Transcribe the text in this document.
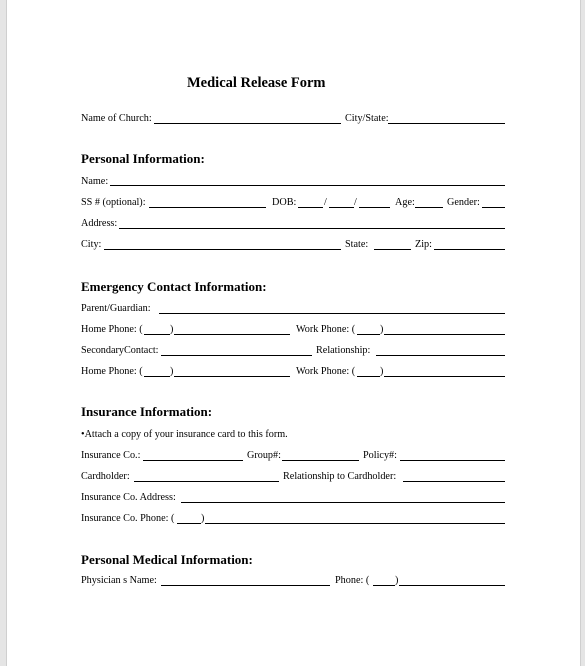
Medical Release Form
Name of Church:	City/State:
Personal Information:
Name:
SS # (optional):	DOB:	/	/	Age:	Gender:
Address:
City:	State:	Zip:
Emergency Contact Information:
Parent/Guardian:
Home Phone: (	)	Work Phone: ( )
SecondaryContact:	Relationship:
Home Phone: (	)	Work Phone: ( )
Insurance Information:
•Attach a copy of your insurance card to this form.
Insurance Co.:	Group#:	Policy#:
Cardholder:	Relationship to Cardholder:
Insurance Co. Address:
Insurance Co. Phone: (	)
Personal Medical Information:
Physician s Name:	Phone: (	)
